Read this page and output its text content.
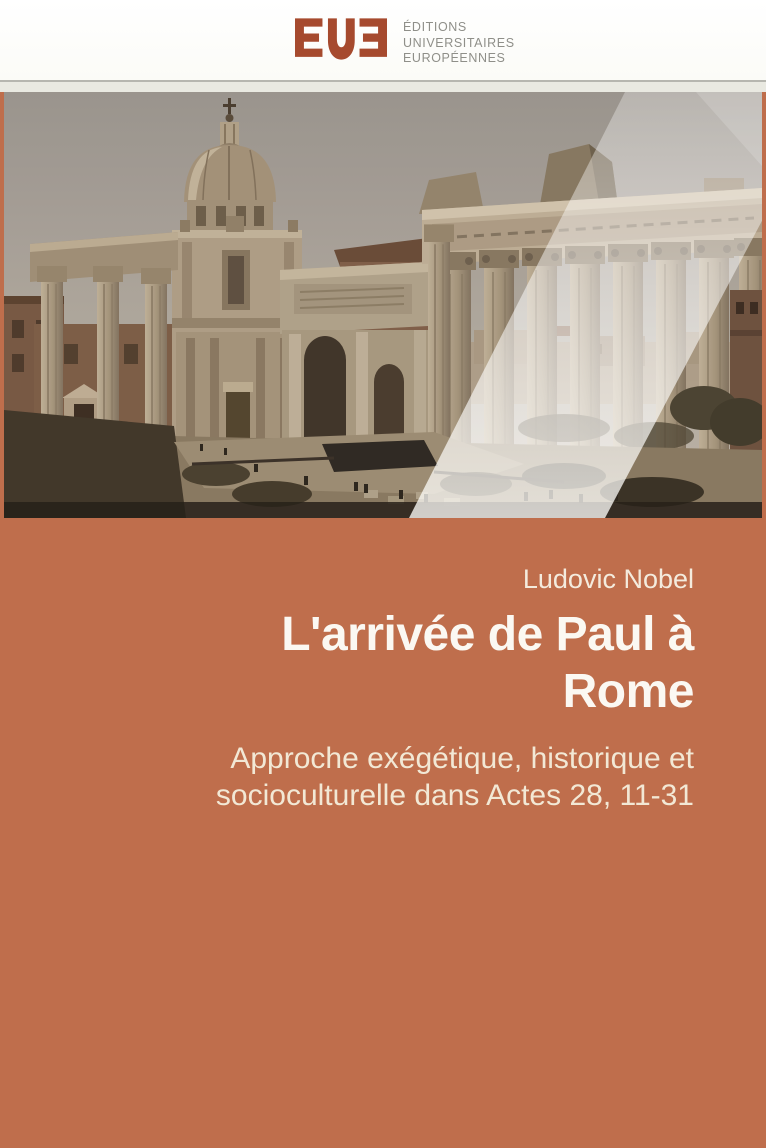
ÉDITIONS
UNIVERSITAIRES
EUROPÉENNES
Ludovic Nobel
L'arrivée de Paul à
Rome
Approche exégétique, historique et
socioculturelle dans Actes 28, 11-31
